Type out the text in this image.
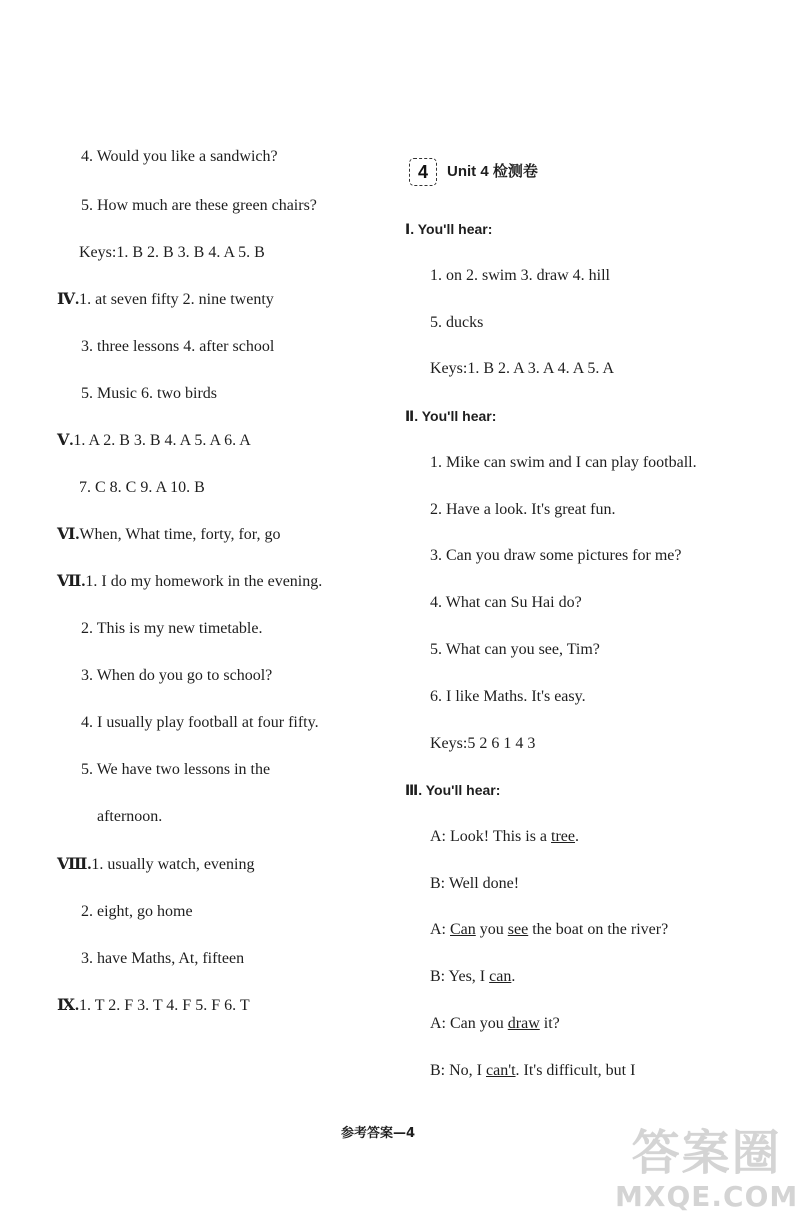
4. Would you like a sandwich?
5. How much are these green chairs?
Keys:1. B 2. B 3. B 4. A 5. B
Ⅳ.1. at seven fifty 2. nine twenty
3. three lessons 4. after school
5. Music 6. two birds
Ⅴ.1. A 2. B 3. B 4. A 5. A 6. A
7. C 8. C 9. A 10. B
Ⅵ.When, What time, forty, for, go
Ⅶ.1. I do my homework in the evening.
2. This is my new timetable.
3. When do you go to school?
4. I usually play football at four fifty.
5. We have two lessons in the
afternoon.
Ⅷ.1. usually watch, evening
2. eight, go home
3. have Maths, At, fifteen
Ⅸ.1. T 2. F 3. T 4. F 5. F 6. T
4	Unit 4 检测卷
Ⅰ. You'll hear:
1. on 2. swim 3. draw 4. hill
5. ducks
Keys:1. B 2. A 3. A 4. A 5. A
Ⅱ. You'll hear:
1. Mike can swim and I can play football.
2. Have a look. It's great fun.
3. Can you draw some pictures for me?
4. What can Su Hai do?
5. What can you see, Tim?
6. I like Maths. It's easy.
Keys:5 2 6 1 4 3
Ⅲ. You'll hear:
A: Look! This is a tree.
B: Well done!
A: Can you see the boat on the river?
B: Yes, I can.
A: Can you draw it?
B: No, I can't. It's difficult, but I
参考答案—4	答案圈
MXQE.COM
